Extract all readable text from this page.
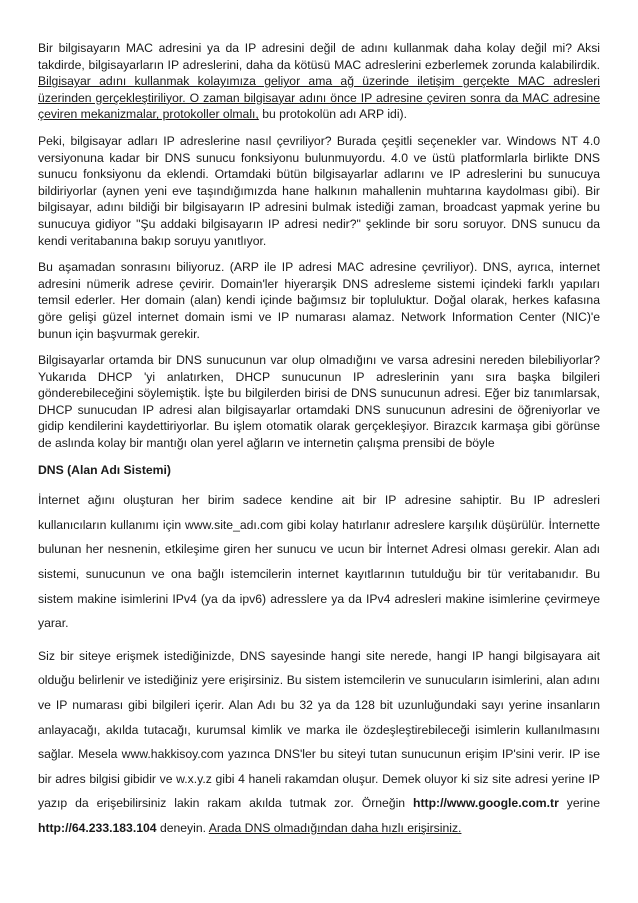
Bir bilgisayarın MAC adresini ya da IP adresini değil de adını kullanmak daha kolay değil mi? Aksi takdirde, bilgisayarların IP adreslerini, daha da kötüsü MAC adreslerini ezberlemek zorunda kalabilirdik. Bilgisayar adını kullanmak kolayımıza geliyor ama ağ üzerinde iletişim gerçekte MAC adresleri üzerinden gerçekleştiriliyor. O zaman bilgisayar adını önce IP adresine çeviren sonra da MAC adresine çeviren mekanizmalar, protokoller olmalı, bu protokolün adı ARP idi).

Peki, bilgisayar adları IP adreslerine nasıl çevriliyor? Burada çeşitli seçenekler var. Windows NT 4.0 versiyonuna kadar bir DNS sunucu fonksiyonu bulunmuyordu. 4.0 ve üstü platformlarla birlikte DNS sunucu fonksiyonu da eklendi. Ortamdaki bütün bilgisayarlar adlarını ve IP adreslerini bu sunucuya bildiriyorlar (aynen yeni eve taşındığımızda hane halkının mahallenin muhtarına kaydolması gibi). Bir bilgisayar, adını bildiği bir bilgisayarın IP adresini bulmak istediği zaman, broadcast yapmak yerine bu sunucuya gidiyor "Şu addaki bilgisayarın IP adresi nedir?" şeklinde bir soru soruyor. DNS sunucu da kendi veritabanına bakıp soruyu yanıtlıyor.

Bu aşamadan sonrasını biliyoruz. (ARP ile IP adresi MAC adresine çevriliyor). DNS, ayrıca, internet adresini nümerik adrese çevirir. Domain'ler hiyerarşik DNS adresleme sistemi içindeki farklı yapıları temsil ederler. Her domain (alan) kendi içinde bağımsız bir topluluktur. Doğal olarak, herkes kafasına göre gelişi güzel internet domain ismi ve IP numarası alamaz. Network Information Center (NIC)'e bunun için başvurmak gerekir.

Bilgisayarlar ortamda bir DNS sunucunun var olup olmadığını ve varsa adresini nereden bilebiliyorlar? Yukarıda DHCP 'yi anlatırken, DHCP sunucunun IP adreslerinin yanı sıra başka bilgileri gönderebileceğini söylemiştik. İşte bu bilgilerden birisi de DNS sunucunun adresi. Eğer biz tanımlarsak, DHCP sunucudan IP adresi alan bilgisayarlar ortamdaki DNS sunucunun adresini de öğreniyorlar ve gidip kendilerini kaydettiriyorlar. Bu işlem otomatik olarak gerçekleşiyor. Birazcık karmaşa gibi görünse de aslında kolay bir mantığı olan yerel ağların ve internetin çalışma prensibi de böyle

DNS (Alan Adı Sistemi)

İnternet ağını oluşturan her birim sadece kendine ait bir IP adresine sahiptir. Bu IP adresleri kullanıcıların kullanımı için www.site_adı.com gibi kolay hatırlanır adreslere karşılık düşürülür. İnternette bulunan her nesnenin, etkileşime giren her sunucu ve ucun bir İnternet Adresi olması gerekir. Alan adı sistemi, sunucunun ve ona bağlı istemcilerin internet kayıtlarının tutulduğu bir tür veritabanıdır. Bu sistem makine isimlerini IPv4 (ya da ipv6) adresslere ya da IPv4 adresleri makine isimlerine çevirmeye yarar.

Siz bir siteye erişmek istediğinizde, DNS sayesinde hangi site nerede, hangi IP hangi bilgisayara ait olduğu belirlenir ve istediğiniz yere erişirsiniz. Bu sistem istemcilerin ve sunucuların isimlerini, alan adını ve IP numarası gibi bilgileri içerir. Alan Adı bu 32 ya da 128 bit uzunluğundaki sayı yerine insanların anlayacağı, akılda tutacağı, kurumsal kimlik ve marka ile özdeşleştirebileceği isimlerin kullanılmasını sağlar. Mesela www.hakkisoy.com yazınca DNS'ler bu siteyi tutan sunucunun erişim IP'sini verir. IP ise bir adres bilgisi gibidir ve w.x.y.z gibi 4 haneli rakamdan oluşur. Demek oluyor ki siz site adresi yerine IP yazıp da erişebilirsiniz lakin rakam akılda tutmak zor. Örneğin http://www.google.com.tr yerine http://64.233.183.104 deneyin. Arada DNS olmadığından daha hızlı erişirsiniz.
